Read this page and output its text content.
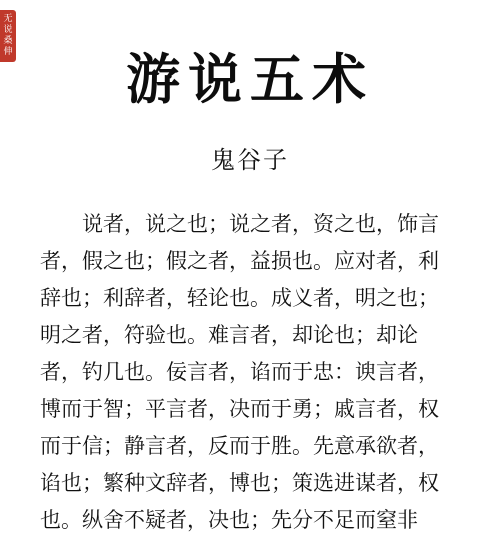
无
说
桑
伸	游说五术
鬼谷子
说者，说之也；说之者，资之也，饰言
者，假之也；假之者，益损也。应对者，利
辞也；利辞者，轻论也。成义者，明之也；
明之者，符验也。难言者，却论也；却论
者，钓几也。佞言者，谄而于忠：谀言者，
博而于智；平言者，决而于勇；戚言者，权
而于信；静言者，反而于胜。先意承欲者，
谄也；繁种文辞者，博也；策选进谋者，权
也。纵舍不疑者，决也；先分不足而窒非
